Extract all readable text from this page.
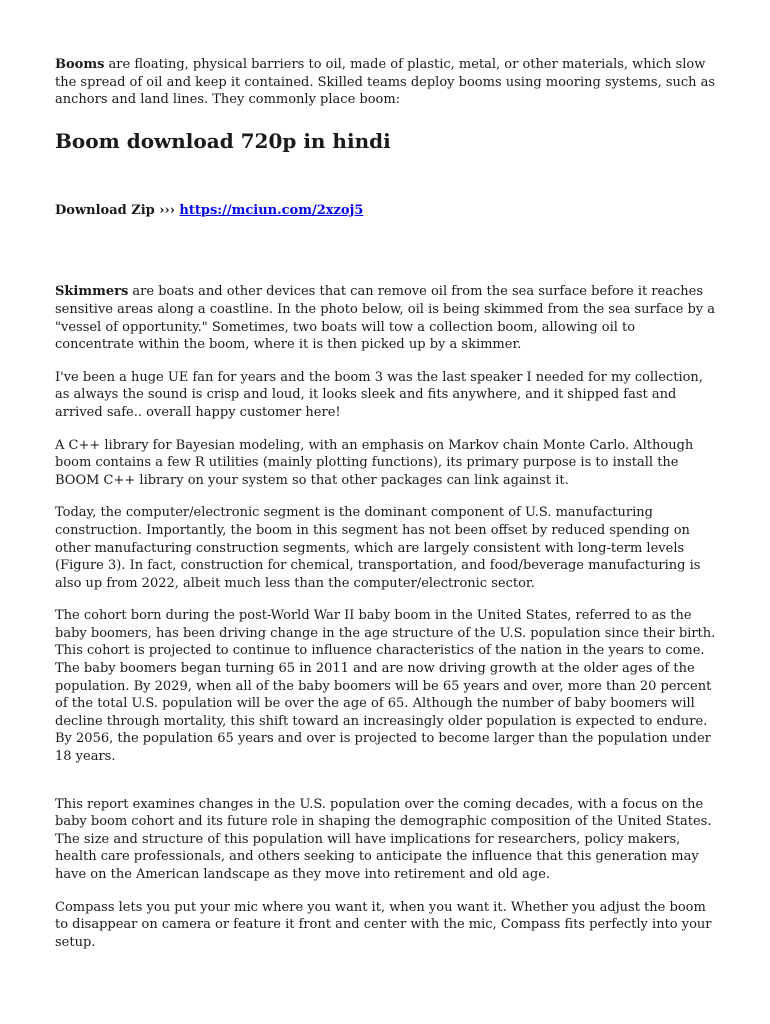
Booms are floating, physical barriers to oil, made of plastic, metal, or other materials, which slow the spread of oil and keep it contained. Skilled teams deploy booms using mooring systems, such as anchors and land lines. They commonly place boom:

Boom download 720p in hindi
Download Zip ››› https://mciun.com/2xzoj5

Skimmers are boats and other devices that can remove oil from the sea surface before it reaches sensitive areas along a coastline. In the photo below, oil is being skimmed from the sea surface by a "vessel of opportunity." Sometimes, two boats will tow a collection boom, allowing oil to concentrate within the boom, where it is then picked up by a skimmer.

I've been a huge UE fan for years and the boom 3 was the last speaker I needed for my collection, as always the sound is crisp and loud, it looks sleek and fits anywhere, and it shipped fast and arrived safe.. overall happy customer here!

A C++ library for Bayesian modeling, with an emphasis on Markov chain Monte Carlo. Although boom contains a few R utilities (mainly plotting functions), its primary purpose is to install the BOOM C++ library on your system so that other packages can link against it.

Today, the computer/electronic segment is the dominant component of U.S. manufacturing construction. Importantly, the boom in this segment has not been offset by reduced spending on other manufacturing construction segments, which are largely consistent with long-term levels (Figure 3). In fact, construction for chemical, transportation, and food/beverage manufacturing is also up from 2022, albeit much less than the computer/electronic sector.

The cohort born during the post-World War II baby boom in the United States, referred to as the baby boomers, has been driving change in the age structure of the U.S. population since their birth. This cohort is projected to continue to influence characteristics of the nation in the years to come. The baby boomers began turning 65 in 2011 and are now driving growth at the older ages of the population. By 2029, when all of the baby boomers will be 65 years and over, more than 20 percent of the total U.S. population will be over the age of 65. Although the number of baby boomers will decline through mortality, this shift toward an increasingly older population is expected to endure. By 2056, the population 65 years and over is projected to become larger than the population under 18 years.

This report examines changes in the U.S. population over the coming decades, with a focus on the baby boom cohort and its future role in shaping the demographic composition of the United States. The size and structure of this population will have implications for researchers, policy makers, health care professionals, and others seeking to anticipate the influence that this generation may have on the American landscape as they move into retirement and old age.

Compass lets you put your mic where you want it, when you want it. Whether you adjust the boom to disappear on camera or feature it front and center with the mic, Compass fits perfectly into your setup.
